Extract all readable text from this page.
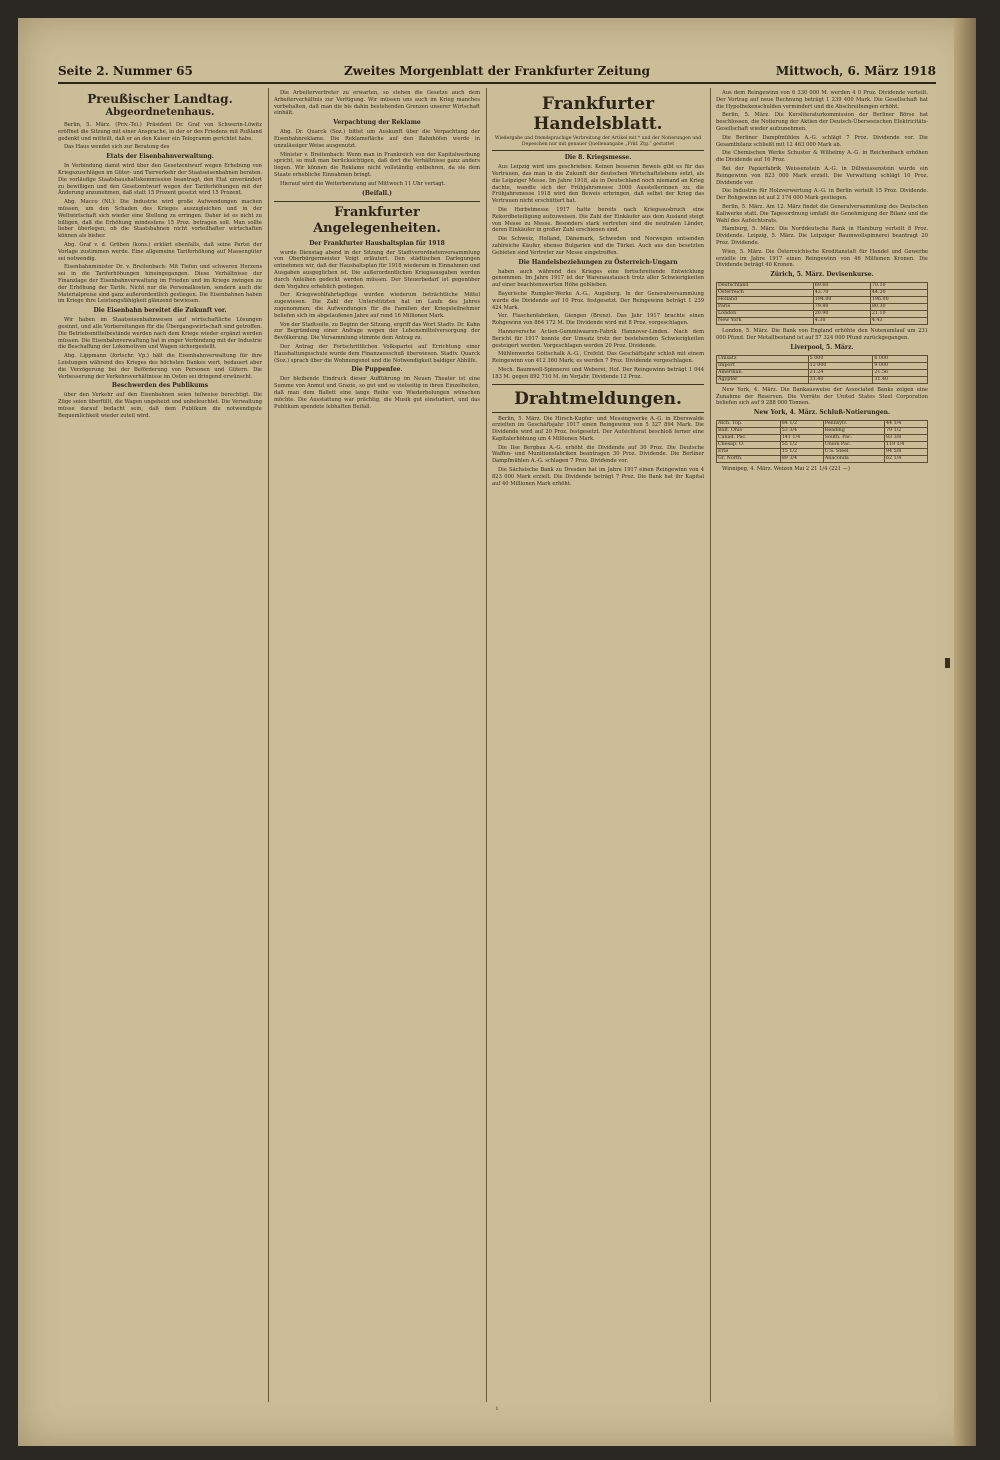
Seite 2. Nummer 65	Zweites Morgenblatt der Frankfurter Zeitung	Mittwoch, 6. März 1918
Preußischer Landtag.
Abgeordnetenhaus.

Berlin, 5. März. (Priv.-Tel.) Präsident Dr. Graf von Schwerin-Löwitz eröffnet die Sitzung mit einer Ansprache, in der er des Friedens mit Rußland gedenkt und mitteilt, daß er an den Kaiser ein Telegramm gerichtet habe.

Das Haus wendet sich zur Beratung des

Etats der Eisenbahnverwaltung.

In Verbindung damit wird über den Gesetzentwurf wegen Erhebung von Kriegszuschlägen im Güter- und Tierverkehr der Staatseisenbahnen beraten. Die vorläufige Staatshaushaltskommission beantragt, den Etat unverändert zu bewilligen und den Gesetzentwurf wegen der Tariferhöhungen mit der Änderung anzunehmen, daß statt 15 Prozent gesetzt wird 15 Prozent.

Abg. Macco (NL): Die Industrie wird große Aufwendungen machen müssen, um den Schaden des Krieges auszugleichen und in der Weltwirtschaft sich wieder eine Stellung zu erringen. Daher ist es nicht zu billigen, daß die Erhöhung mindestens 15 Proz. betragen soll. Man sollte lieber überlegen, ob die Staatsbahnen nicht vorteilhafter wirtschaften können als bisher.

Abg. Graf v. d. Gröben (kons.) erklärt ebenfalls, daß seine Partei der Vorlage zustimmen werde. Eine allgemeine Tariferhöhung auf Massengüter sei notwendig.

Eisenbahnminister Dr. v. Breitenbach: Mit Tiefen und schweren Herzens sei in die Tariferhöhungen hineingegangen. Diese Verhältnisse der Finanzlage der Eisenbahnverwaltung im Frieden und im Kriege zwingen zu der Erhöhung der Tarife. Nicht nur die Personalkosten, sondern auch die Materialpreise sind ganz außerordentlich gestiegen. Die Eisenbahnen haben im Kriege ihre Leistungsfähigkeit glänzend bewiesen.

Die Eisenbahn bereitet die Zukunft vor.

Wir haben im Staatseisenbahnwesen auf wirtschaftliche Lösungen gesinnt, und alle Vorbereitungen für die Übergangswirtschaft sind getroffen. Die Betriebsmittelbestände werden nach dem Kriege wieder ergänzt werden müssen. Die Eisenbahnverwaltung hat in enger Verbindung mit der Industrie die Beschaffung der Lokomotiven und Wagen sichergestellt.

Abg. Lippmann (fortschr. Vp.) hält die Eisenbahnverwaltung für ihre Leistungen während des Krieges des höchsten Dankes wert, bedauert aber die Verzögerung bei der Beförderung von Personen und Gütern. Die Verbesserung der Verkehrsverhältnisse im Osten sei dringend erwünscht.

Beschwerden des Publikums

über den Verkehr auf den Eisenbahnen seien teilweise berechtigt. Die Züge seien überfüllt, die Wagen ungeheizt und unbeleuchtet. Die Verwaltung müsse darauf bedacht sein, daß dem Publikum die notwendigste Bequemlichkeit wieder zuteil wird.

Die Arbeitervertreter zu erwarten, so stehen die Gesetze auch dem Arbeiterverhältnis zur Verfügung. Wir müssen uns auch im Krieg manches vorbehalten, daß man die bis dahin bestehenden Grenzen unserer Wirtschaft einhält.

Verpachtung der Reklame

Abg. Dr. Quarck (Soz.) bittet um Auskunft über die Verpachtung der Eisenbahnreklame. Die Reklamefläche auf den Bahnhöfen werde in unzulässiger Weise ausgenutzt.

Minister v. Breitenbach: Wenn man in Frankreich von der Kapitalwerbung spricht, so muß man berücksichtigen, daß dort die Verhältnisse ganz anders liegen. Wir können die Reklame nicht vollständig entbehren, da sie dem Staate erhebliche Einnahmen bringt.

Hierauf wird die Weiterberatung auf Mittwoch 11 Uhr vertagt.

(Beifall.)
Frankfurter Angelegenheiten.
Der Frankfurter Haushaltsplan für 1918

wurde Dienstag abend in der Sitzung der Stadtverordnetenversammlung von Oberbürgermeister Voigt erläutert. Den städtischen Darlegungen entnehmen wir, daß der Haushaltsplan für 1918 wiederum in Einnahmen und Ausgaben ausgeglichen ist. Die außerordentlichen Kriegsausgaben werden durch Anleihen gedeckt werden müssen. Der Steuerbedarf ist gegenüber dem Vorjahre erheblich gestiegen.

Der Kriegswohlfahrtspflege wurden wiederum beträchtliche Mittel zugewiesen. Die Zahl der Unterstützten hat im Laufe des Jahres zugenommen; die Aufwendungen für die Familien der Kriegsteilnehmer beliefen sich im abgelaufenen Jahre auf rund 16 Millionen Mark.

Von der Stadtseite, zu Beginn der Sitzung, ergriff das Wort Stadtv. Dr. Kahn zur Begründung einer Anfrage wegen der Lebensmittelversorgung der Bevölkerung. Die Versammlung stimmte dem Antrag zu.

Der Antrag der Fortschrittlichen Volkspartei auf Errichtung einer Haushaltungsschule wurde dem Finanzausschuß überwiesen. Stadtv. Quarck (Soz.) sprach über die Wohnungsnot und die Notwendigkeit baldiger Abhilfe.

Die Puppenfee.

Der bleibende Eindruck dieser Aufführung im Neuen Theater ist eine Summe von Anmut und Grazie, so gut und so vielseitig in ihren Einzelheiten, daß man dem Ballett eine lange Reihe von Wiederholungen wünschen möchte. Die Ausstattung war prächtig, die Musik gut einstudiert, und das Publikum spendete lebhaften Beifall.

Frankfurter Handelsblatt.
Wiedergabe und fremdsprachige Verbreitung der Artikel mit * und der Notierungen und Depeschen nur mit genauer Quellenangabe „Frkf. Ztg.“ gestattet
Die 8. Kriegsmesse.

Aus Leipzig wird uns geschrieben: Keinen besseren Beweis gibt es für das Vertrauen, das man in die Zukunft der deutschen Wirtschaftslebens setzt, als die Leipziger Messe. Im Jahre 1918, als in Deutschland noch niemand an Krieg dachte, wandte sich der Frühjahrsmesse 3000 Ausstellerinnen zu; die Frühjahrsmesse 1918 wird den Beweis erbringen, daß selbst der Krieg das Vertrauen nicht erschüttert hat.

Die Herbstmesse 1917 hatte bereits nach Kriegsausbruch eine Rekordbeteiligung aufzuweisen. Die Zahl der Einkäufer aus dem Ausland steigt von Messe zu Messe. Besonders stark vertreten sind die neutralen Länder, deren Einkäufer in großer Zahl erschienen sind.

Die Schweiz, Holland, Dänemark, Schweden und Norwegen entsenden zahlreiche Käufer, ebenso Bulgarien und die Türkei. Auch aus den besetzten Gebieten sind Vertreter zur Messe eingetroffen.

Die Handelsbeziehungen zu Österreich-Ungarn

haben auch während des Krieges eine fortschreitende Entwicklung genommen. Im Jahre 1917 ist der Warenaustausch trotz aller Schwierigkeiten auf einer beachtenswerten Höhe geblieben.

Bayerische Rumpler-Werke A.-G., Augsburg. In der Generalversammlung wurde die Dividende auf 10 Proz. festgesetzt. Der Reingewinn beträgt 1 239 424 Mark.

Ver. Flaschenfabriken, Giengen (Brenz). Das Jahr 1917 brachte einen Rohgewinn von 864 172 M. Die Dividende wird mit 8 Proz. vorgeschlagen.

Hannoversche Actien-Gummiwaaren-Fabrik Hannover-Linden. Nach dem Bericht für 1917 konnte der Umsatz trotz der bestehenden Schwierigkeiten gesteigert werden. Vorgeschlagen werden 20 Proz. Dividende.

Mühlenwerke Gottschalk A.-G., Crefeld. Das Geschäftsjahr schloß mit einem Reingewinn von 412 360 Mark; es werden 7 Proz. Dividende vorgeschlagen.

Mech. Baumwoll-Spinnerei und Weberei, Hof. Der Reingewinn beträgt 1 044 183 M. gegen 892 710 M. im Vorjahr. Dividende 12 Proz.

Drahtmeldungen.

Berlin, 5. März. Die Hirsch-Kupfer- und Messingwerke A.-G. in Eberswalde erzielten im Geschäftsjahr 1917 einen Reingewinn von 5 327 894 Mark. Die Dividende wird auf 20 Proz. festgesetzt. Der Aufsichtsrat beschloß ferner eine Kapitalerhöhung um 4 Millionen Mark.

Die Ilse Bergbau A.-G. erhöht die Dividende auf 30 Proz. Die Deutsche Waffen- und Munitionsfabriken beantragen 30 Proz. Dividende. Die Berliner Dampfmühlen A.-G. schlagen 7 Proz. Dividende vor.

Die Sächsische Bank zu Dresden hat im Jahre 1917 einen Reingewinn von 4 823 000 Mark erzielt. Die Dividende beträgt 7 Proz. Die Bank hat ihr Kapital auf 40 Millionen Mark erhöht.

Aus dem Reingewinn von 6 330 000 M. werden 4 0 Proz. Dividende verteilt. Der Vortrag auf neue Rechnung beträgt 1 239 400 Mark. Die Gesellschaft hat die Hypothekenschulden vermindert und die Abschreibungen erhöht.

Berlin, 5. März. Die Kursliteraturkommission der Berliner Börse hat beschlossen, die Notierung der Aktien der Deutsch-Überseeischen Elektricitäts-Gesellschaft wieder aufzunehmen.

Die Berliner Dampfmühlen A.-G. schlägt 7 Proz. Dividende vor. Die Gesamtbilanz schließt mit 12 463 000 Mark ab.

Die Chemischen Werke Schuster & Wilhelmy A.-G. in Reichenbach erhöhen die Dividende auf 16 Proz.

Bei der Papierfabrik Weissenstein A.-G. in Dillweissenstein wurde ein Reingewinn von 823 000 Mark erzielt. Die Verwaltung schlägt 10 Proz. Dividende vor.

Die Industrie für Holzverwertung A.-G. in Berlin verteilt 15 Proz. Dividende. Der Rohgewinn ist auf 2 174 000 Mark gestiegen.

Berlin, 5. März. Am 12. März findet die Generalversammlung des Deutschen Kaliwerke statt. Die Tagesordnung umfaßt die Genehmigung der Bilanz und die Wahl des Aufsichtsrats.

Hamburg, 5. März. Die Norddeutsche Bank in Hamburg verteilt 8 Proz. Dividende. Leipzig, 5. März. Die Leipziger Baumwollspinnerei beantragt 20 Proz. Dividende.

Wien, 5. März. Die Österreichische Kreditanstalt für Handel und Gewerbe erzielte im Jahre 1917 einen Reingewinn von 46 Millionen Kronen. Die Dividende beträgt 40 Kronen.

Zürich, 5. März. Devisenkurse.
Deutschland	69.60	70.10
Österreich	43.70	44.20
Holland	194.00	196.00
Paris	79.80	80.30
London	20.90	21.10
New York	4.38	4.43

London, 5. März. Die Bank von England erhöhte den Notenumlauf um 231 000 Pfund. Der Metallbestand ist auf 57 324 000 Pfund zurückgegangen.

Liverpool, 5. März.
Umsatz	5 000	6 000
Import	12 000	9 000
Amerikan.	21.24	21.56
Ägypter	31.40	31.40

New York, 4. März. Die Bankausweise der Associated Banks zeigen eine Zunahme der Reserven. Die Vorräte der United States Steel Corporation beliefen sich auf 9 288 000 Tonnen.

New York, 4. März. Schluß-Notierungen.
Atch. Top.	84 1/2	Pennsylv.	44 1/4
Balt. Ohio	53 3/4	Reading	79 1/2
Canad. Pac.	141 1/4	South. Pac.	83 3/8
Chesap. O.	55 1/2	Union Pac.	119 1/4
Erie	15 1/2	U.S. Steel	94 5/8
Gr. North.	89 3/4	Anaconda	62 1/4

Winnipeg, 4. März. Weizen Mai 2 21 1/4 (221 —)

1
